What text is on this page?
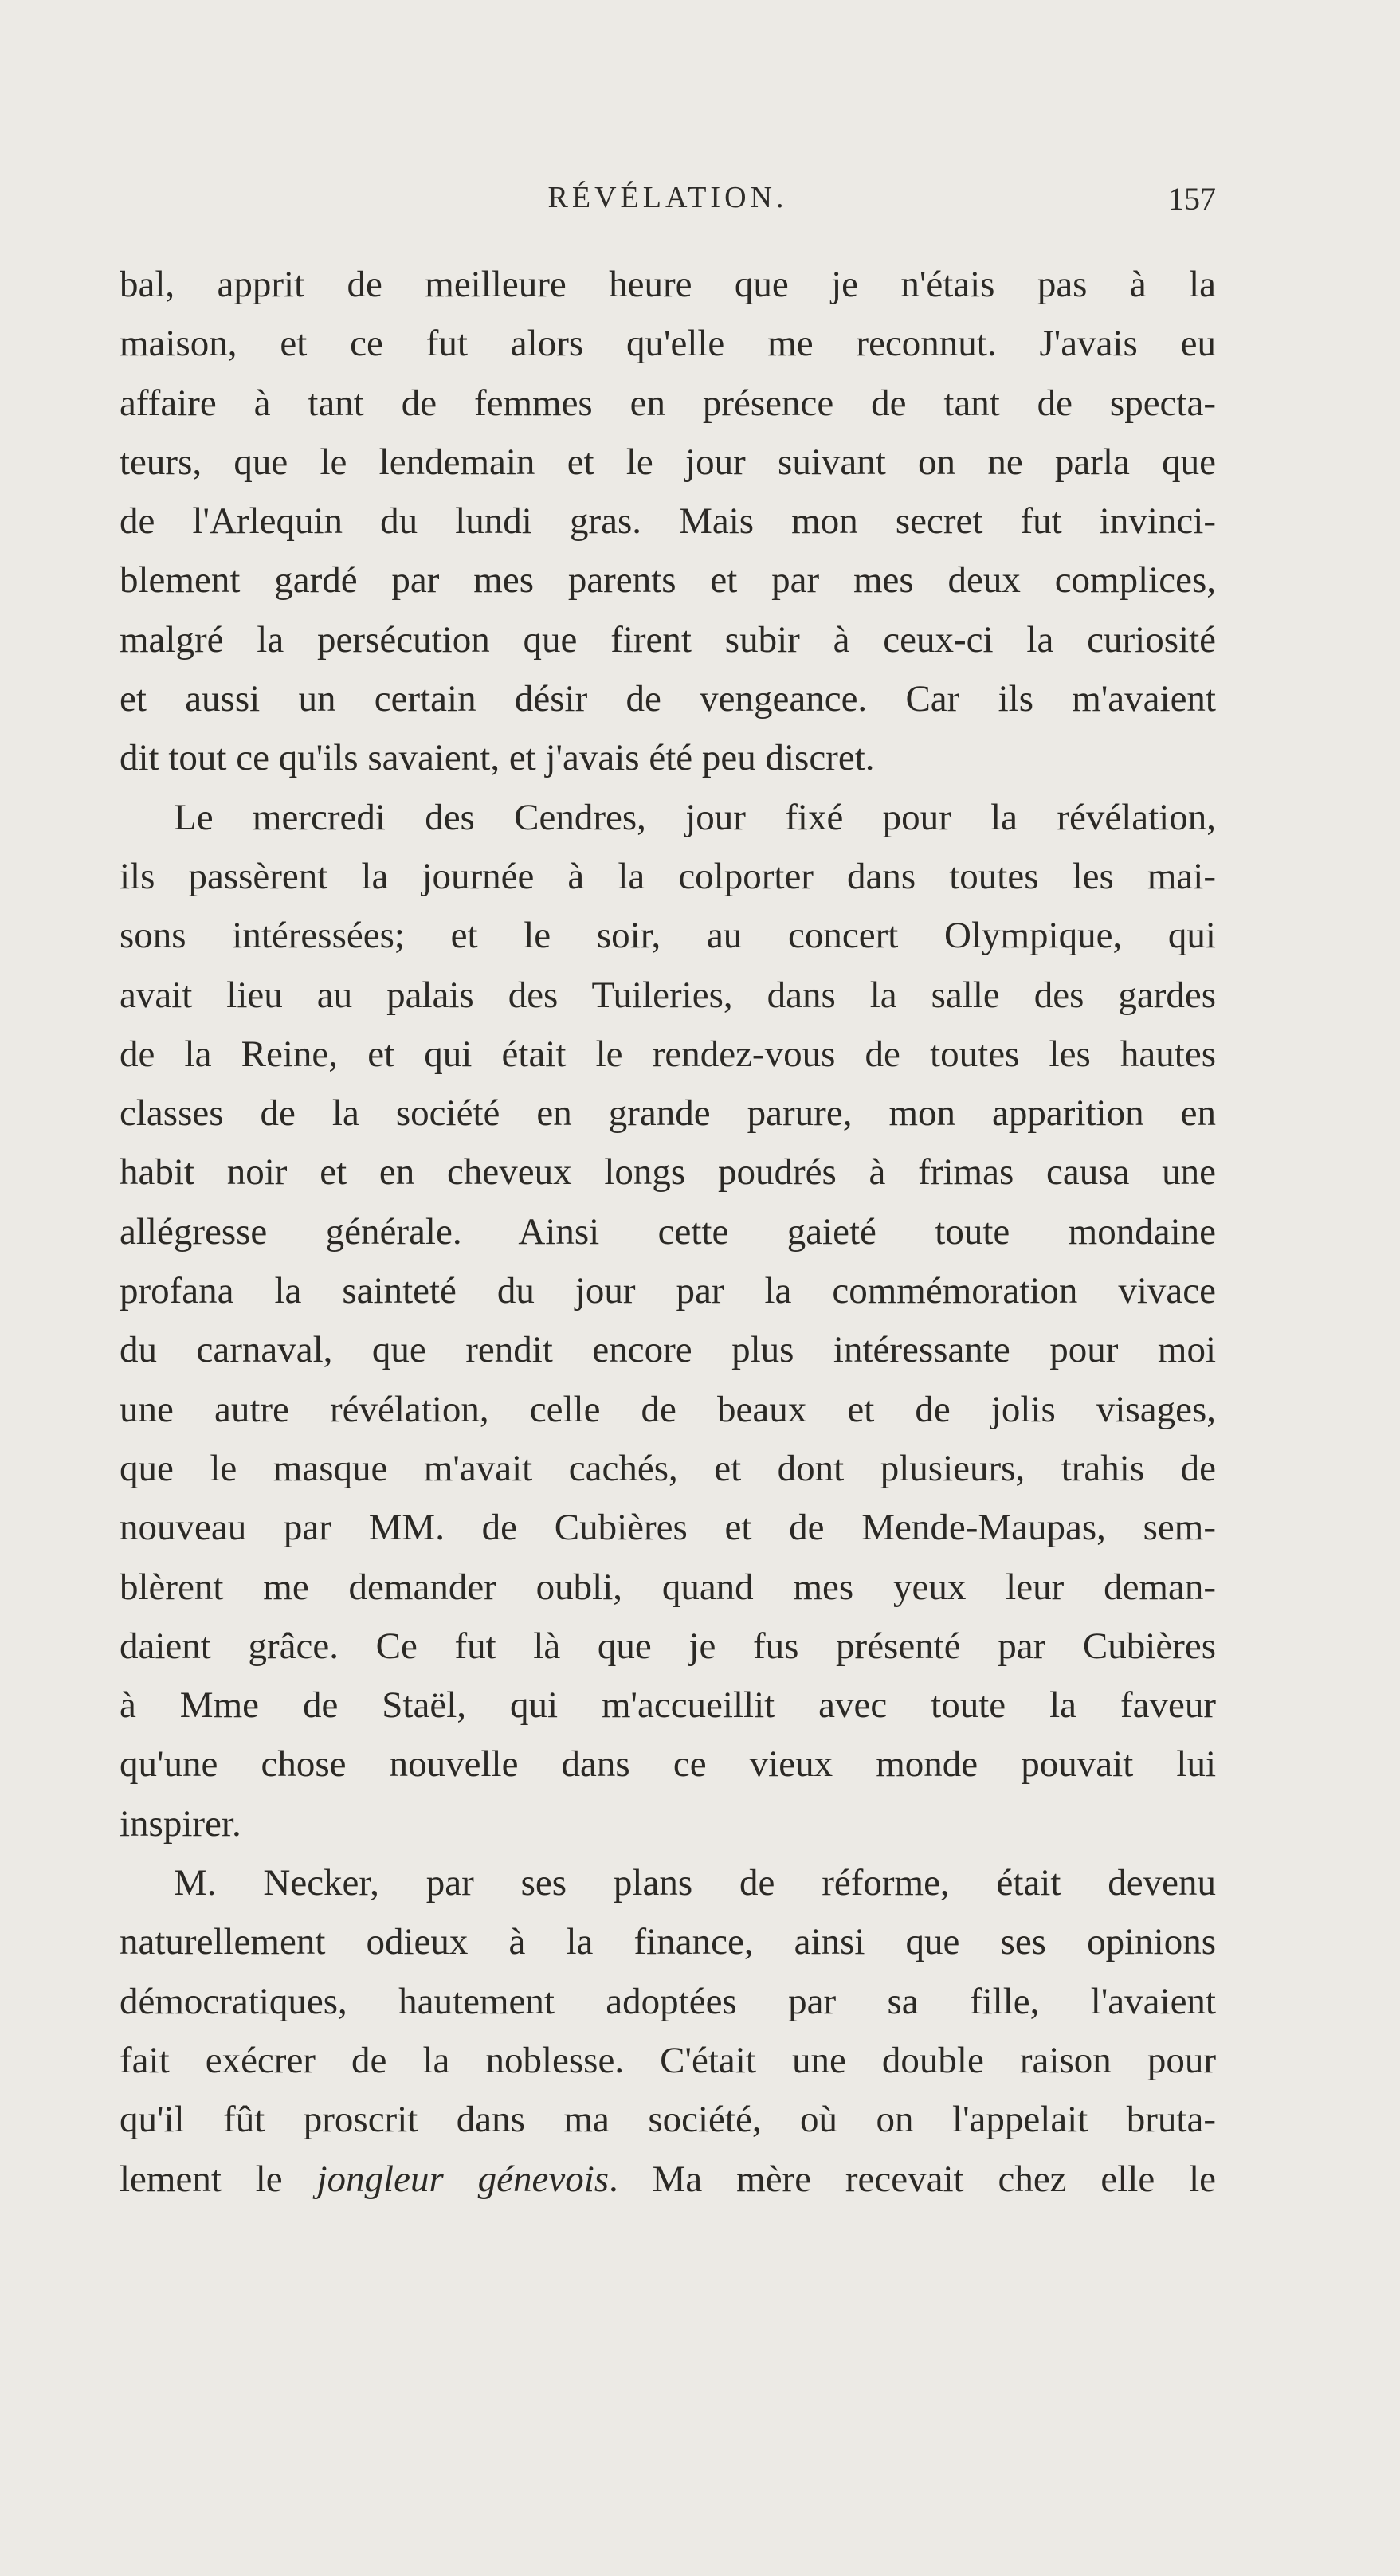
RÉVÉLATION.	157
bal, apprit de meilleure heure que je n'étais pas à la
maison, et ce fut alors qu'elle me reconnut. J'avais eu
affaire à tant de femmes en présence de tant de specta-
teurs, que le lendemain et le jour suivant on ne parla que
de l'Arlequin du lundi gras. Mais mon secret fut invinci-
blement gardé par mes parents et par mes deux complices,
malgré la persécution que firent subir à ceux-ci la curiosité
et aussi un certain désir de vengeance. Car ils m'avaient
dit tout ce qu'ils savaient, et j'avais été peu discret.
Le mercredi des Cendres, jour fixé pour la révélation,
ils passèrent la journée à la colporter dans toutes les mai-
sons intéressées; et le soir, au concert Olympique, qui
avait lieu au palais des Tuileries, dans la salle des gardes
de la Reine, et qui était le rendez-vous de toutes les hautes
classes de la société en grande parure, mon apparition en
habit noir et en cheveux longs poudrés à frimas causa une
allégresse générale. Ainsi cette gaieté toute mondaine
profana la sainteté du jour par la commémoration vivace
du carnaval, que rendit encore plus intéressante pour moi
une autre révélation, celle de beaux et de jolis visages,
que le masque m'avait cachés, et dont plusieurs, trahis de
nouveau par MM. de Cubières et de Mende-Maupas, sem-
blèrent me demander oubli, quand mes yeux leur deman-
daient grâce. Ce fut là que je fus présenté par Cubières
à Mme de Staël, qui m'accueillit avec toute la faveur
qu'une chose nouvelle dans ce vieux monde pouvait lui
inspirer.
M. Necker, par ses plans de réforme, était devenu
naturellement odieux à la finance, ainsi que ses opinions
démocratiques, hautement adoptées par sa fille, l'avaient
fait exécrer de la noblesse. C'était une double raison pour
qu'il fût proscrit dans ma société, où on l'appelait bruta-
lement le jongleur génevois. Ma mère recevait chez elle le
